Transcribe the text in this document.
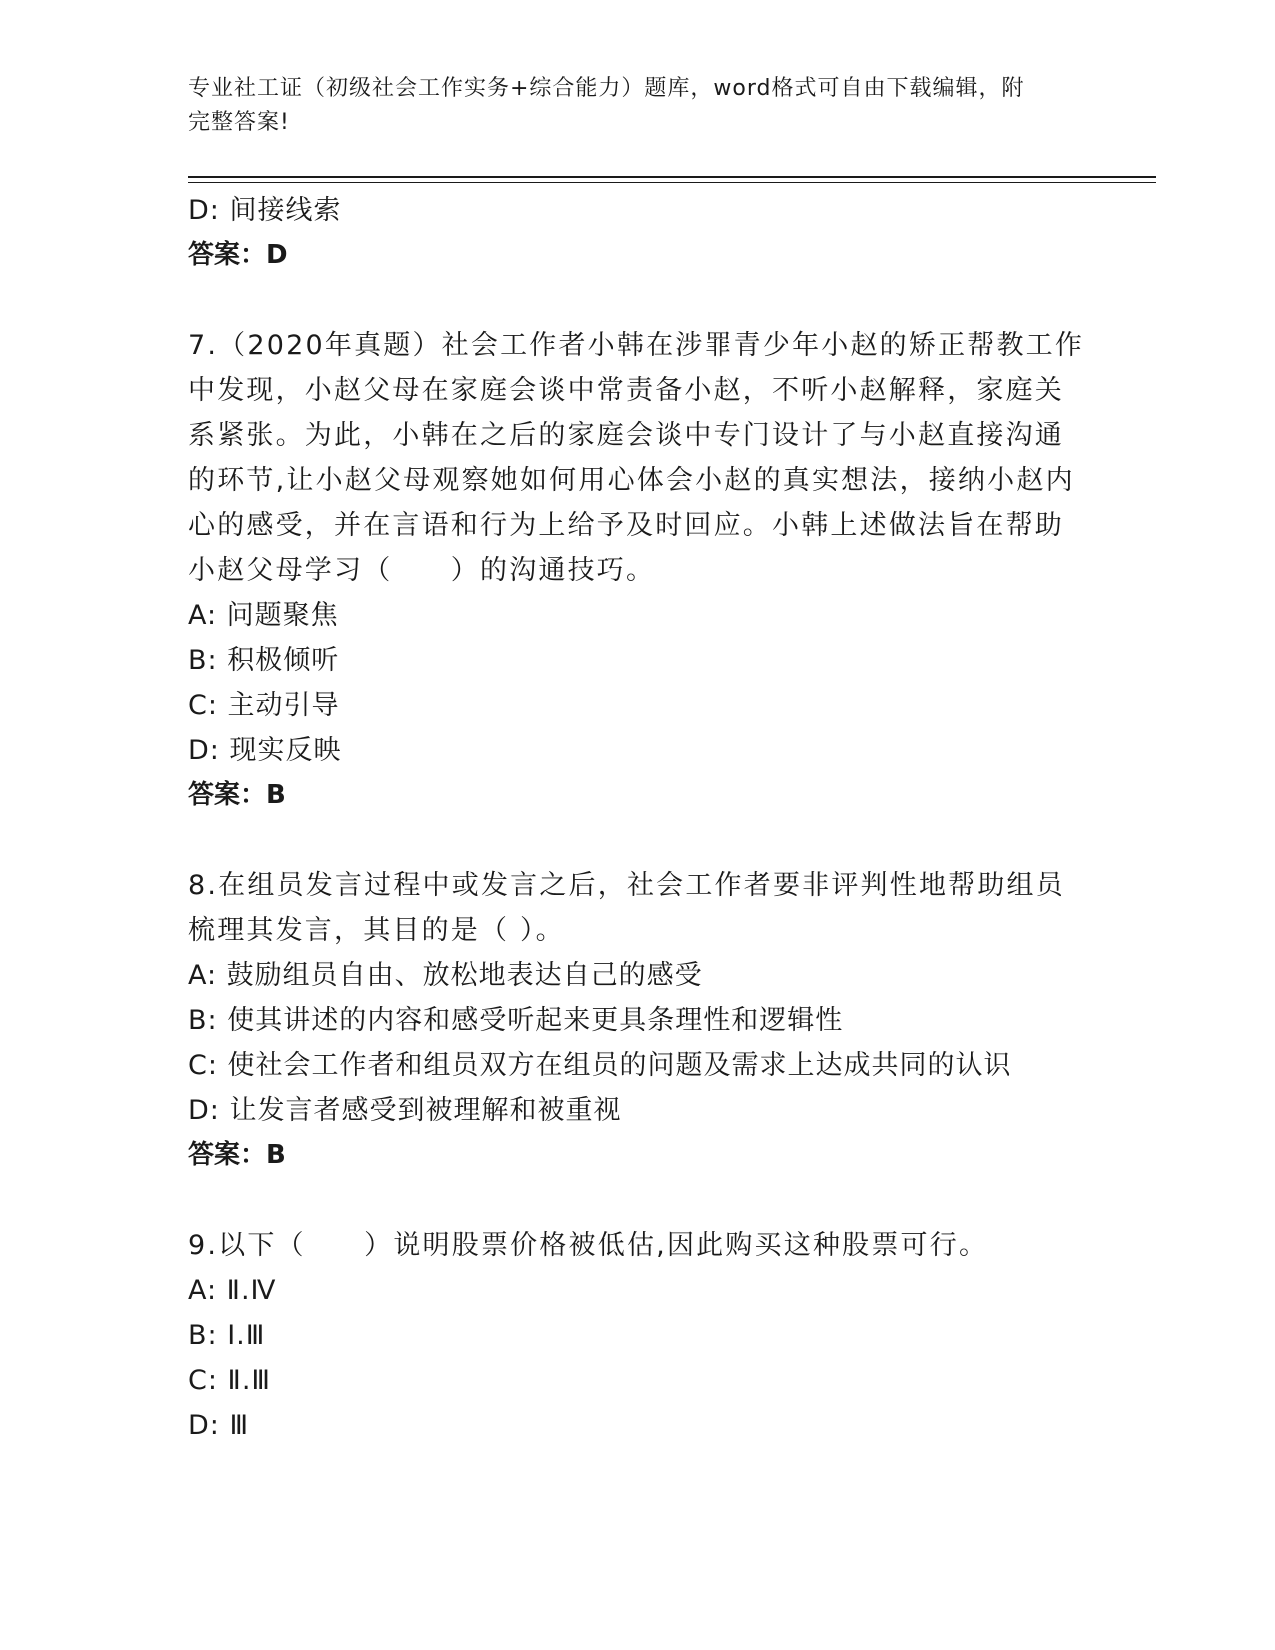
专业社工证（初级社会工作实务+综合能力）题库，word格式可自由下载编辑，附
完整答案!
D: 间接线索
答案：D
7.（2020年真题）社会工作者小韩在涉罪青少年小赵的矫正帮教工作
中发现，小赵父母在家庭会谈中常责备小赵，不听小赵解释，家庭关
系紧张。为此，小韩在之后的家庭会谈中专门设计了与小赵直接沟通
的环节,让小赵父母观察她如何用心体会小赵的真实想法，接纳小赵内
心的感受，并在言语和行为上给予及时回应。小韩上述做法旨在帮助
小赵父母学习（　　）的沟通技巧。
A: 问题聚焦
B: 积极倾听
C: 主动引导
D: 现实反映
答案：B
8.在组员发言过程中或发言之后，社会工作者要非评判性地帮助组员
梳理其发言，其目的是（ ）。
A: 鼓励组员自由、放松地表达自己的感受
B: 使其讲述的内容和感受听起来更具条理性和逻辑性
C: 使社会工作者和组员双方在组员的问题及需求上达成共同的认识
D: 让发言者感受到被理解和被重视
答案：B
9.以下（　　）说明股票价格被低估,因此购买这种股票可行。
A: Ⅱ.Ⅳ
B: Ⅰ.Ⅲ
C: Ⅱ.Ⅲ
D: Ⅲ
